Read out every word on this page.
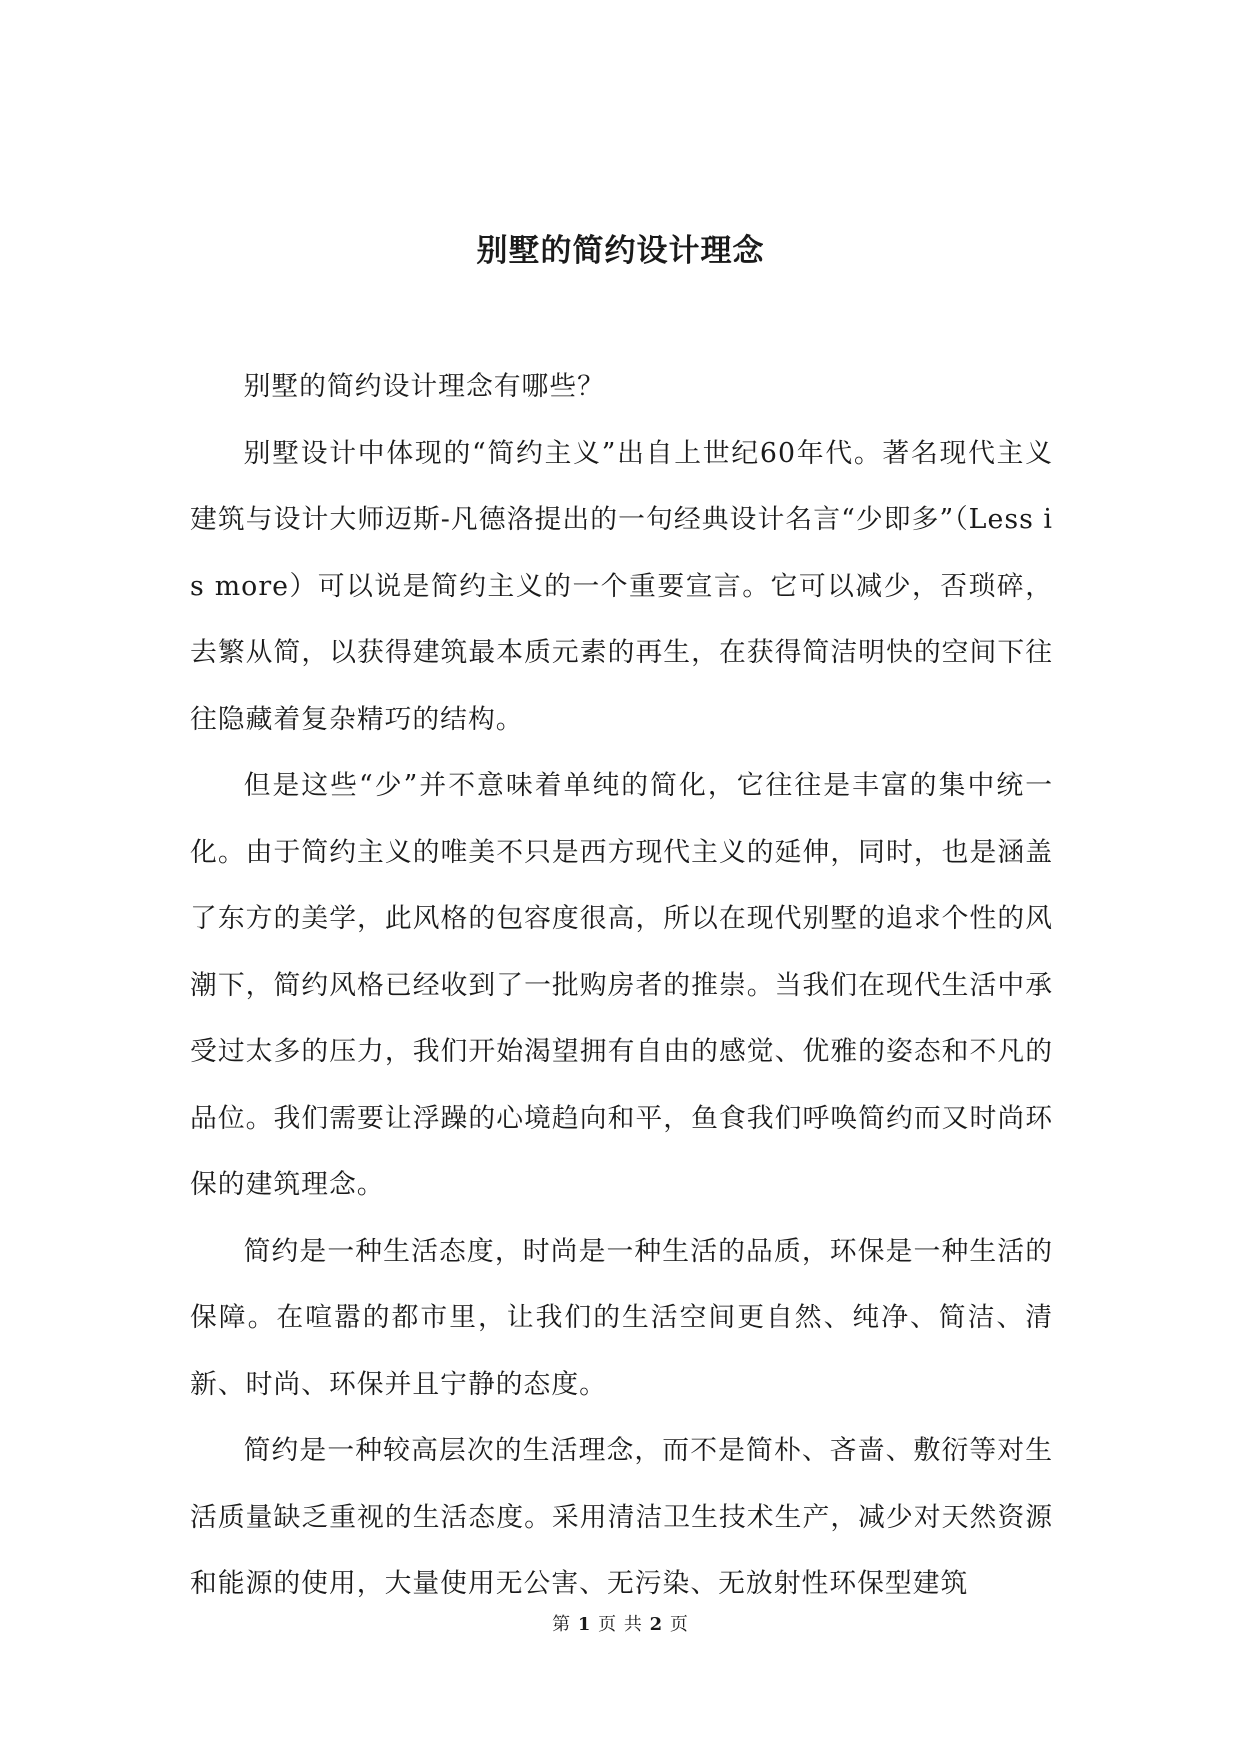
别墅的简约设计理念

别墅的简约设计理念有哪些？

别墅设计中体现的“简约主义”出自上世纪60年代。著名现代主义建筑与设计大师迈斯-凡德洛提出的一句经典设计名言“少即多”（Less is more）可以说是简约主义的一个重要宣言。它可以减少，否琐碎，去繁从简，以获得建筑最本质元素的再生，在获得简洁明快的空间下往往隐藏着复杂精巧的结构。

但是这些“少”并不意味着单纯的简化，它往往是丰富的集中统一化。由于简约主义的唯美不只是西方现代主义的延伸，同时，也是涵盖了东方的美学，此风格的包容度很高，所以在现代别墅的追求个性的风潮下，简约风格已经收到了一批购房者的推崇。当我们在现代生活中承受过太多的压力，我们开始渴望拥有自由的感觉、优雅的姿态和不凡的品位。我们需要让浮躁的心境趋向和平，鱼食我们呼唤简约而又时尚环保的建筑理念。

简约是一种生活态度，时尚是一种生活的品质，环保是一种生活的保障。在喧嚣的都市里，让我们的生活空间更自然、纯净、简洁、清新、时尚、环保并且宁静的态度。

简约是一种较高层次的生活理念，而不是简朴、吝啬、敷衍等对生活质量缺乏重视的生活态度。采用清洁卫生技术生产，减少对天然资源和能源的使用，大量使用无公害、无污染、无放射性环保型建筑

第 1 页 共 2 页
